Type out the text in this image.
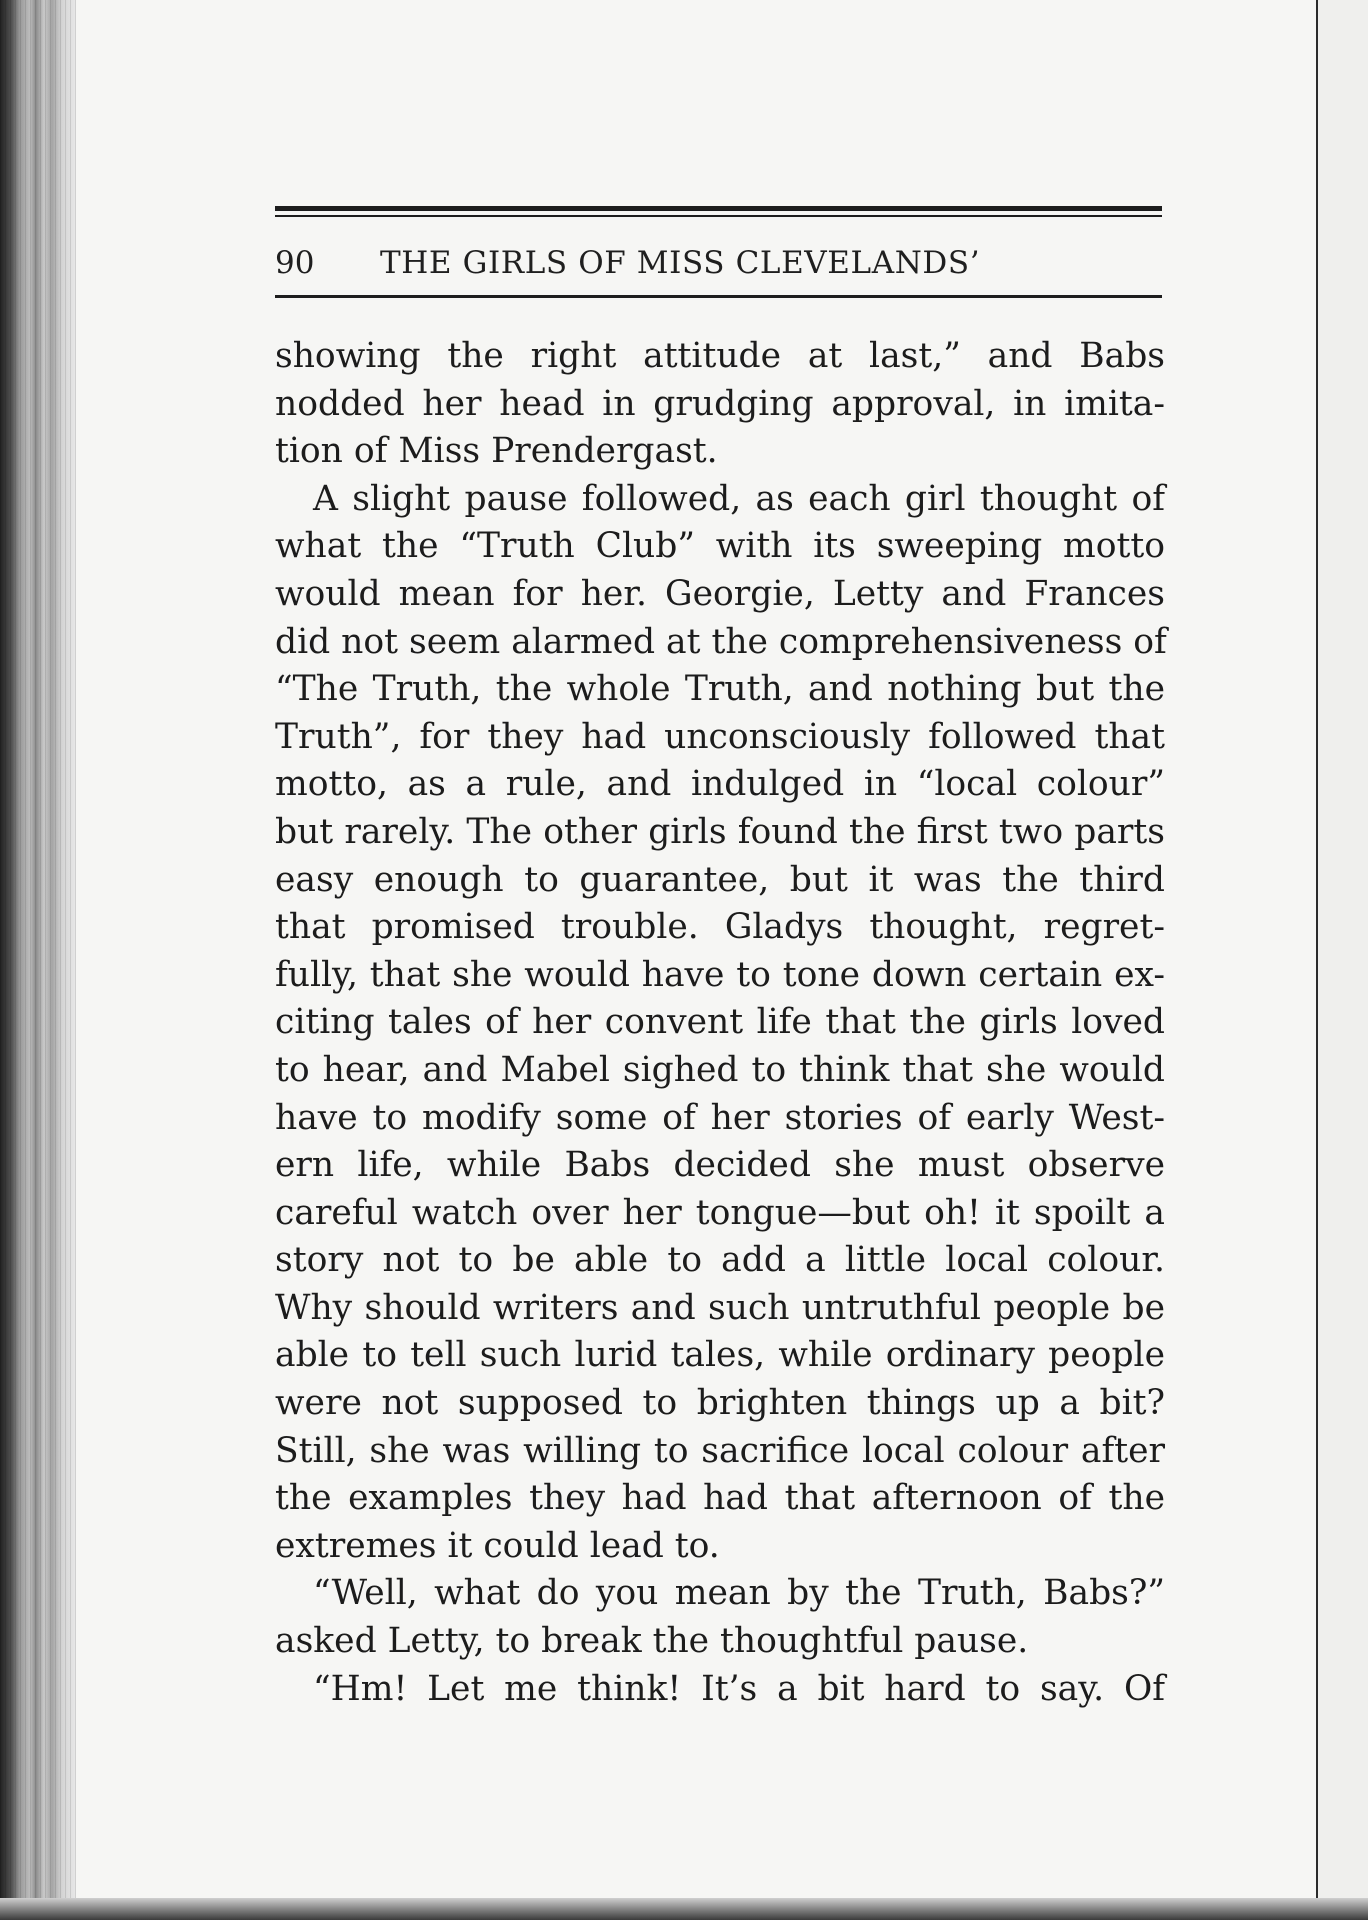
90 THE GIRLS OF MISS CLEVELANDS’
showing the right attitude at last,” and Babs
nodded her head in grudging approval, in imita-
tion of Miss Prendergast.
A slight pause followed, as each girl thought of
what the “Truth Club” with its sweeping motto
would mean for her. Georgie, Letty and Frances
did not seem alarmed at the comprehensiveness of
“The Truth, the whole Truth, and nothing but the
Truth”, for they had unconsciously followed that
motto, as a rule, and indulged in “local colour”
but rarely. The other girls found the first two parts
easy enough to guarantee, but it was the third
that promised trouble. Gladys thought, regret-
fully, that she would have to tone down certain ex-
citing tales of her convent life that the girls loved
to hear, and Mabel sighed to think that she would
have to modify some of her stories of early West-
ern life, while Babs decided she must observe
careful watch over her tongue—but oh! it spoilt a
story not to be able to add a little local colour.
Why should writers and such untruthful people be
able to tell such lurid tales, while ordinary people
were not supposed to brighten things up a bit?
Still, she was willing to sacrifice local colour after
the examples they had had that afternoon of the
extremes it could lead to.
“Well, what do you mean by the Truth, Babs?”
asked Letty, to break the thoughtful pause.
“Hm! Let me think! It’s a bit hard to say. Of
